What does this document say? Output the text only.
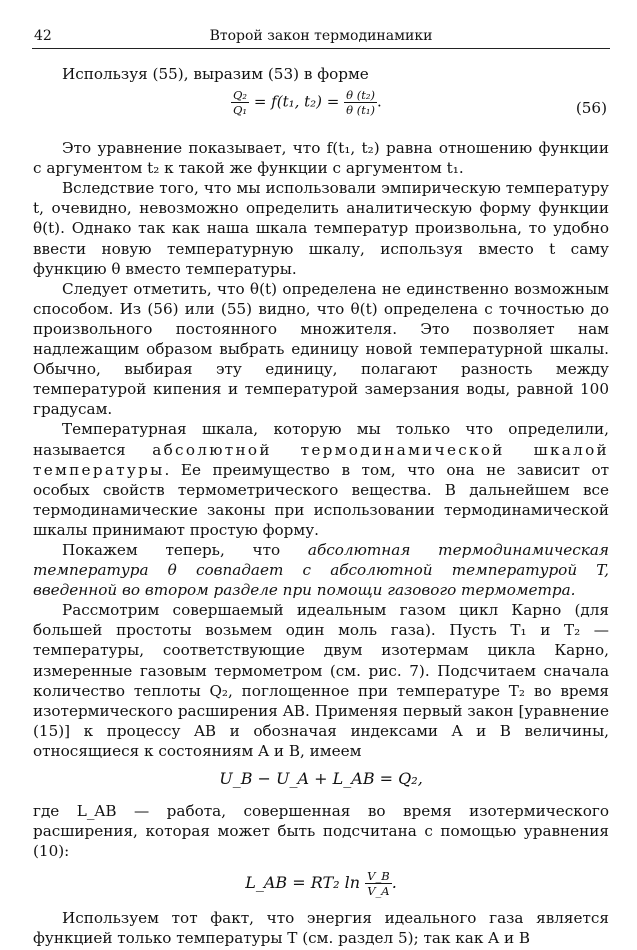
42	Второй закон термодинамики

Используя (55), выразим (53) в форме

$\frac{\text{Q₂}}{\text{Q₁}} = f(t_1$, $t_2) = \frac{\text{θ (t₂)}}{\text{θ (t₁)}}$ .	(56)

Это уравнение показывает, что f(t₁, t₂) равна отношению функции с аргументом t₂ к такой же функции с аргументом t₁.

Вследствие того, что мы использовали эмпирическую температуру t, очевидно, невозможно определить аналитическую форму функции θ(t). Однако так как наша шкала температур произвольна, то удобно ввести новую температурную шкалу, используя вместо t саму функцию θ вместо температуры.

Следует отметить, что θ(t) определена не единственно возможным способом. Из (56) или (55) видно, что θ(t) определена с точностью до произвольного постоянного множителя. Это позволяет нам надлежащим образом выбрать единицу новой температурной шкалы. Обычно, выбирая эту единицу, полагают разность между температурой кипения и температурой замерзания воды, равной 100 градусам.

Температурная шкала, которую мы только что определили, называется абсолютной термодинамической шкалой температуры. Ее преимущество в том, что она не зависит от особых свойств термометрического вещества. В дальнейшем все термодинамические законы при использовании термодинамической шкалы принимают простую форму.

Покажем теперь, что абсолютная термодинамическая температура θ совпадает с абсолютной температурой T, введенной во втором разделе при помощи газового термометра.

Рассмотрим совершаемый идеальным газом цикл Карно (для большей простоты возьмем один моль газа). Пусть T₁ и T₂ — температуры, соответствующие двум изотермам цикла Карно, измеренные газовым термометром (см. рис. 7). Подсчитаем сначала количество теплоты Q₂, поглощенное при температуре T₂ во время изотермического расширения AB. Применяя первый закон [уравнение (15)] к процессу AB и обозначая индексами A и B величины, относящиеся к состояниям A и B, имеем

U_B − U_A + L_AB = Q₂,

где L_AB — работа, совершенная во время изотермического расширения, которая может быть подсчитана с помощью уравнения (10):

L_AB = RT₂ $\ln \frac{V\_B}{V\_A}$ .

Используем тот факт, что энергия идеального газа является функцией только температуры T (см. раздел 5); так как A и B
